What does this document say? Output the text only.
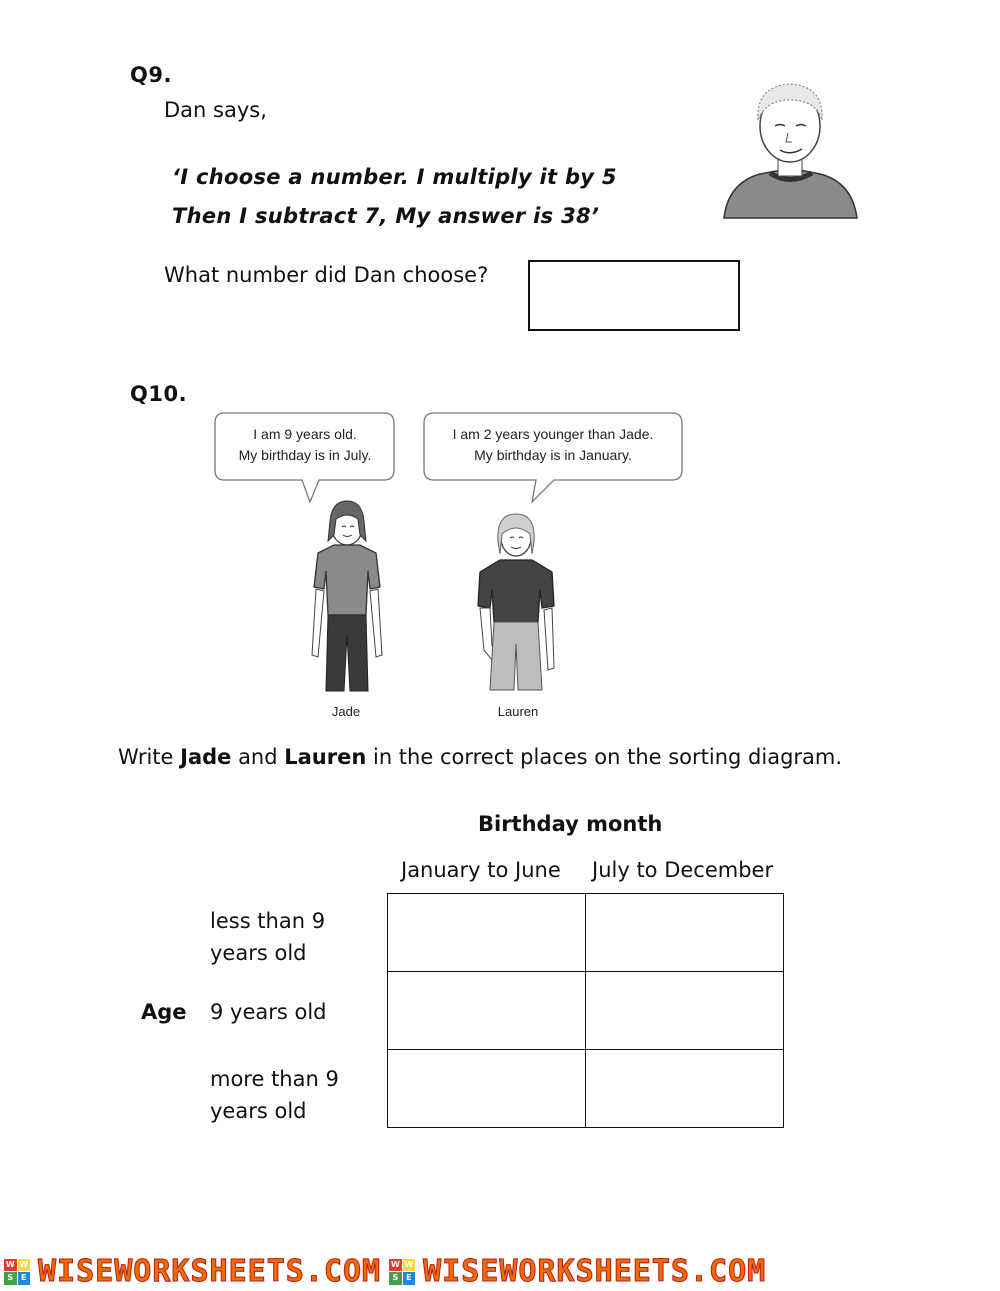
Q9.
Dan says,
‘I choose a number. I multiply it by 5
Then I subtract 7, My answer is 38’
What number did Dan choose?
Q10.
I am 9 years old.
My birthday is in July.
I am 2 years younger than Jade.
My birthday is in January.
Jade	Lauren
Write Jade and Lauren in the correct places on the sorting diagram.
Birthday month
January to June July to December
less than 9
years old
Age 9 years old
more than 9
years old

W W
S E WISEWORKSHEETS.COM W W
S E WISEWORKSHEETS.COM
